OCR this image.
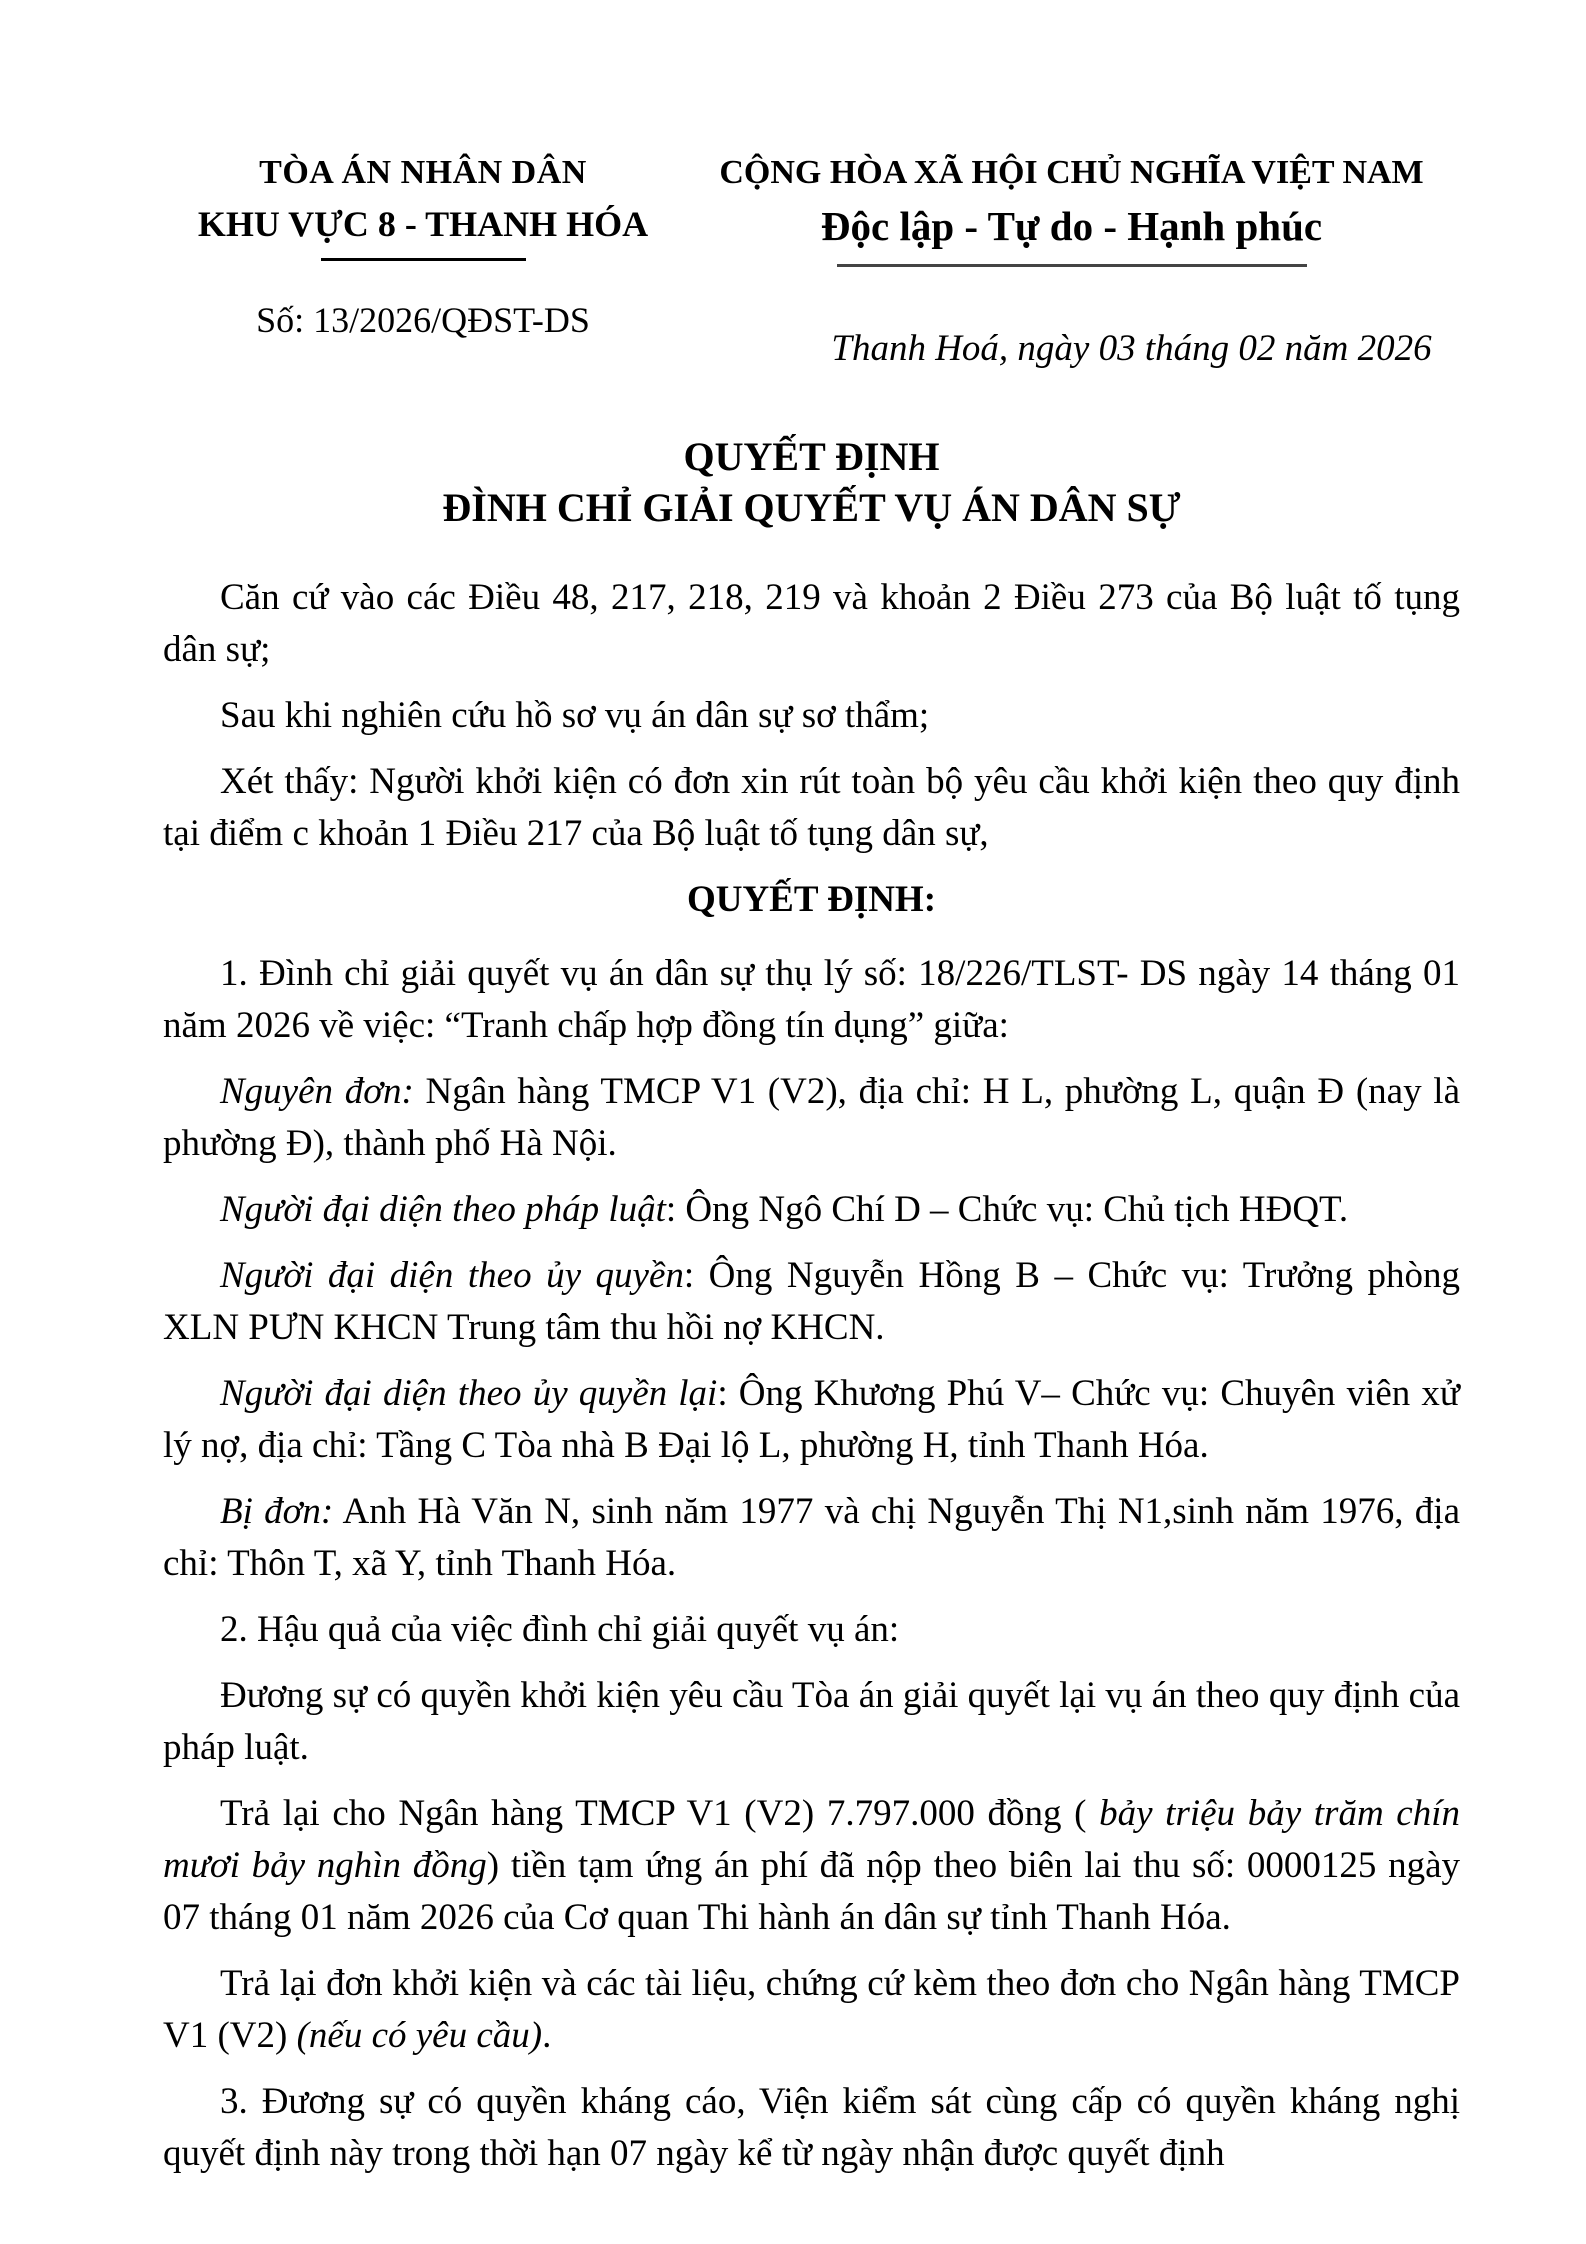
TÒA ÁN NHÂN DÂN
KHU VỰC 8 - THANH HÓA
Số: 13/2026/QĐST-DS
CỘNG HÒA XÃ HỘI CHỦ NGHĨA VIỆT NAM
Độc lập - Tự do - Hạnh phúc
Thanh Hoá, ngày 03 tháng 02 năm 2026
QUYẾT ĐỊNH
ĐÌNH CHỈ GIẢI QUYẾT VỤ ÁN DÂN SỰ

Căn cứ vào các Điều 48, 217, 218, 219 và khoản 2 Điều 273 của Bộ luật tố tụng dân sự;

Sau khi nghiên cứu hồ sơ vụ án dân sự sơ thẩm;

Xét thấy: Người khởi kiện có đơn xin rút toàn bộ yêu cầu khởi kiện theo quy định tại điểm c khoản 1 Điều 217 của Bộ luật tố tụng dân sự,

QUYẾT ĐỊNH:

1. Đình chỉ giải quyết vụ án dân sự thụ lý số: 18/226/TLST- DS ngày 14 tháng 01 năm 2026 về việc: “Tranh chấp hợp đồng tín dụng” giữa:

Nguyên đơn: Ngân hàng TMCP V1 (V2), địa chỉ: H L, phường L, quận Đ (nay là phường Đ), thành phố Hà Nội.

Người đại diện theo pháp luật: Ông Ngô Chí D – Chức vụ: Chủ tịch HĐQT.

Người đại diện theo ủy quyền: Ông Nguyễn Hồng B – Chức vụ: Trưởng phòng XLN PƯN KHCN Trung tâm thu hồi nợ KHCN.

Người đại diện theo ủy quyền lại: Ông Khương Phú V– Chức vụ: Chuyên viên xử lý nợ, địa chỉ: Tầng C Tòa nhà B Đại lộ L, phường H, tỉnh Thanh Hóa.

Bị đơn: Anh Hà Văn N, sinh năm 1977 và chị Nguyễn Thị N1,sinh năm 1976, địa chỉ: Thôn T, xã Y, tỉnh Thanh Hóa.

2. Hậu quả của việc đình chỉ giải quyết vụ án:

Đương sự có quyền khởi kiện yêu cầu Tòa án giải quyết lại vụ án theo quy định của pháp luật.

Trả lại cho Ngân hàng TMCP V1 (V2) 7.797.000 đồng ( bảy triệu bảy trăm chín mươi bảy nghìn đồng) tiền tạm ứng án phí đã nộp theo biên lai thu số: 0000125 ngày 07 tháng 01 năm 2026 của Cơ quan Thi hành án dân sự tỉnh Thanh Hóa.

Trả lại đơn khởi kiện và các tài liệu, chứng cứ kèm theo đơn cho Ngân hàng TMCP V1 (V2) (nếu có yêu cầu).

3. Đương sự có quyền kháng cáo, Viện kiểm sát cùng cấp có quyền kháng nghị quyết định này trong thời hạn 07 ngày kể từ ngày nhận được quyết định
